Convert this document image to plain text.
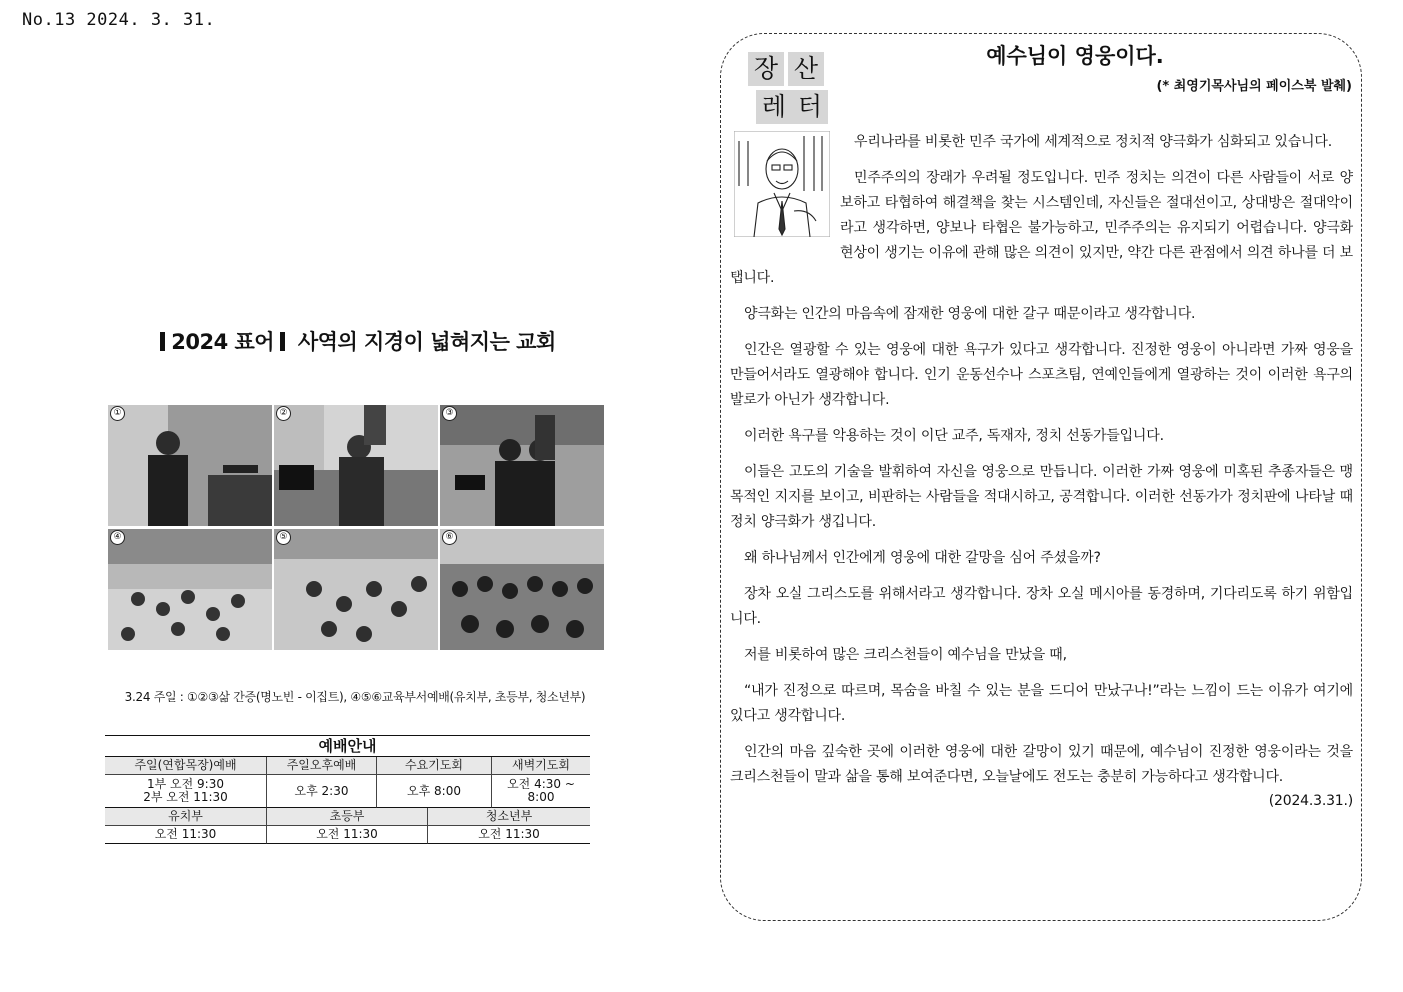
No.13 2024. 3. 31.
2024 표어 사역의 지경이 넓혀지는 교회
①	②	③
④	⑤	⑥
3.24 주일 : ①②③삶 간증(명노빈 - 이집트), ④⑤⑥교육부서예배(유치부, 초등부, 청소년부)
예배안내
주일(연합목장)예배	주일오후예배	수요기도회	새벽기도회
1부 오전 9:30
2부 오전 11:30	오후 2:30	오후 8:00	오전 4:30 ~ 8:00
유치부	초등부	청소년부
오전 11:30	오전 11:30	오전 11:30
장 산
레 터
예수님이 영웅이다.
(* 최영기목사님의 페이스북 발췌)

우리나라를 비롯한 민주 국가에 세계적으로 정치적 양극화가 심화되고 있습니다.

민주주의의 장래가 우려될 정도입니다. 민주 정치는 의견이 다른 사람들이 서로 양보하고 타협하여 해결책을 찾는 시스템인데, 자신들은 절대선이고, 상대방은 절대악이라고 생각하면, 양보나 타협은 불가능하고, 민주주의는 유지되기 어렵습니다. 양극화 현상이 생기는 이유에 관해 많은 의견이 있지만, 약간 다른 관점에서 의견 하나를 더 보탭니다.

양극화는 인간의 마음속에 잠재한 영웅에 대한 갈구 때문이라고 생각합니다.

인간은 열광할 수 있는 영웅에 대한 욕구가 있다고 생각합니다. 진정한 영웅이 아니라면 가짜 영웅을 만들어서라도 열광해야 합니다. 인기 운동선수나 스포츠팀, 연예인들에게 열광하는 것이 이러한 욕구의 발로가 아닌가 생각합니다.

이러한 욕구를 악용하는 것이 이단 교주, 독재자, 정치 선동가들입니다.

이들은 고도의 기술을 발휘하여 자신을 영웅으로 만듭니다. 이러한 가짜 영웅에 미혹된 추종자들은 맹목적인 지지를 보이고, 비판하는 사람들을 적대시하고, 공격합니다. 이러한 선동가가 정치판에 나타날 때 정치 양극화가 생깁니다.

왜 하나님께서 인간에게 영웅에 대한 갈망을 심어 주셨을까?

장차 오실 그리스도를 위해서라고 생각합니다. 장차 오실 메시아를 동경하며, 기다리도록 하기 위함입니다.

저를 비롯하여 많은 크리스천들이 예수님을 만났을 때,

“내가 진정으로 따르며, 목숨을 바칠 수 있는 분을 드디어 만났구나!”라는 느낌이 드는 이유가 여기에 있다고 생각합니다.

인간의 마음 깊숙한 곳에 이러한 영웅에 대한 갈망이 있기 때문에, 예수님이 진정한 영웅이라는 것을 크리스천들이 말과 삶을 통해 보여준다면, 오늘날에도 전도는 충분히 가능하다고 생각합니다.

(2024.3.31.)
